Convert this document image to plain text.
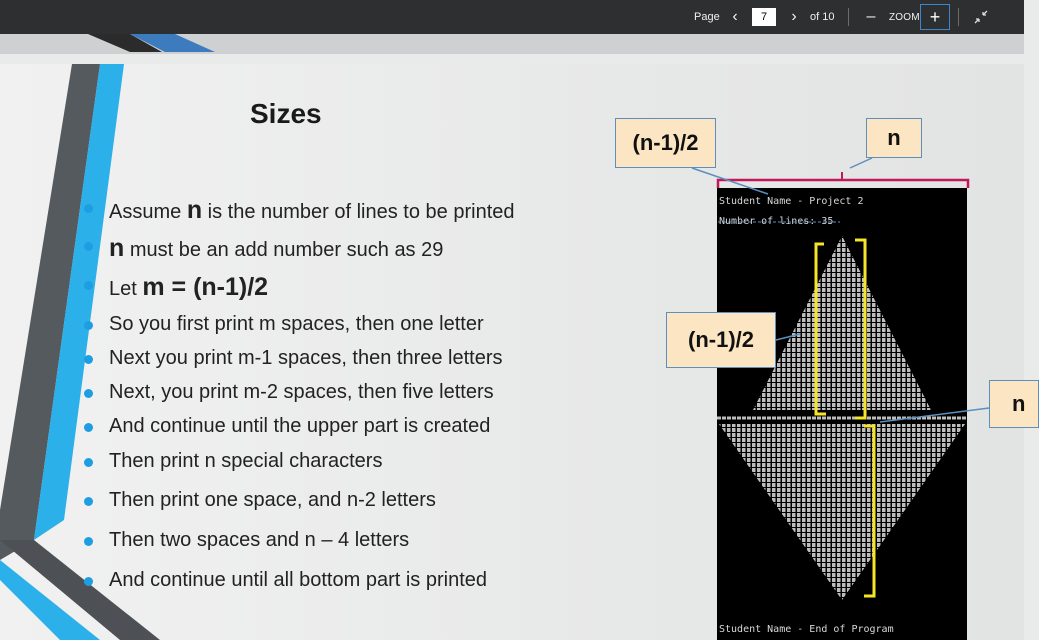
Page ‹
7	›	of 10 –	ZOOM +
Sizes
Assume n is the number of lines to be printed
n must be an add number such as 29
Let m = (n-1)/2
So you first print m spaces, then one letter
Next you print m-1 spaces, then three letters
Next, you print m-2 spaces, then five letters
And continue until the upper part is created
Then print n special characters
Then print one space, and n-2 letters
Then two spaces and n – 4 letters
And continue until all bottom part is printed
Student Name - Project 2
Number of lines: 35
Student Name - End of Program
(n-1)/2	n
(n-1)/2
n
